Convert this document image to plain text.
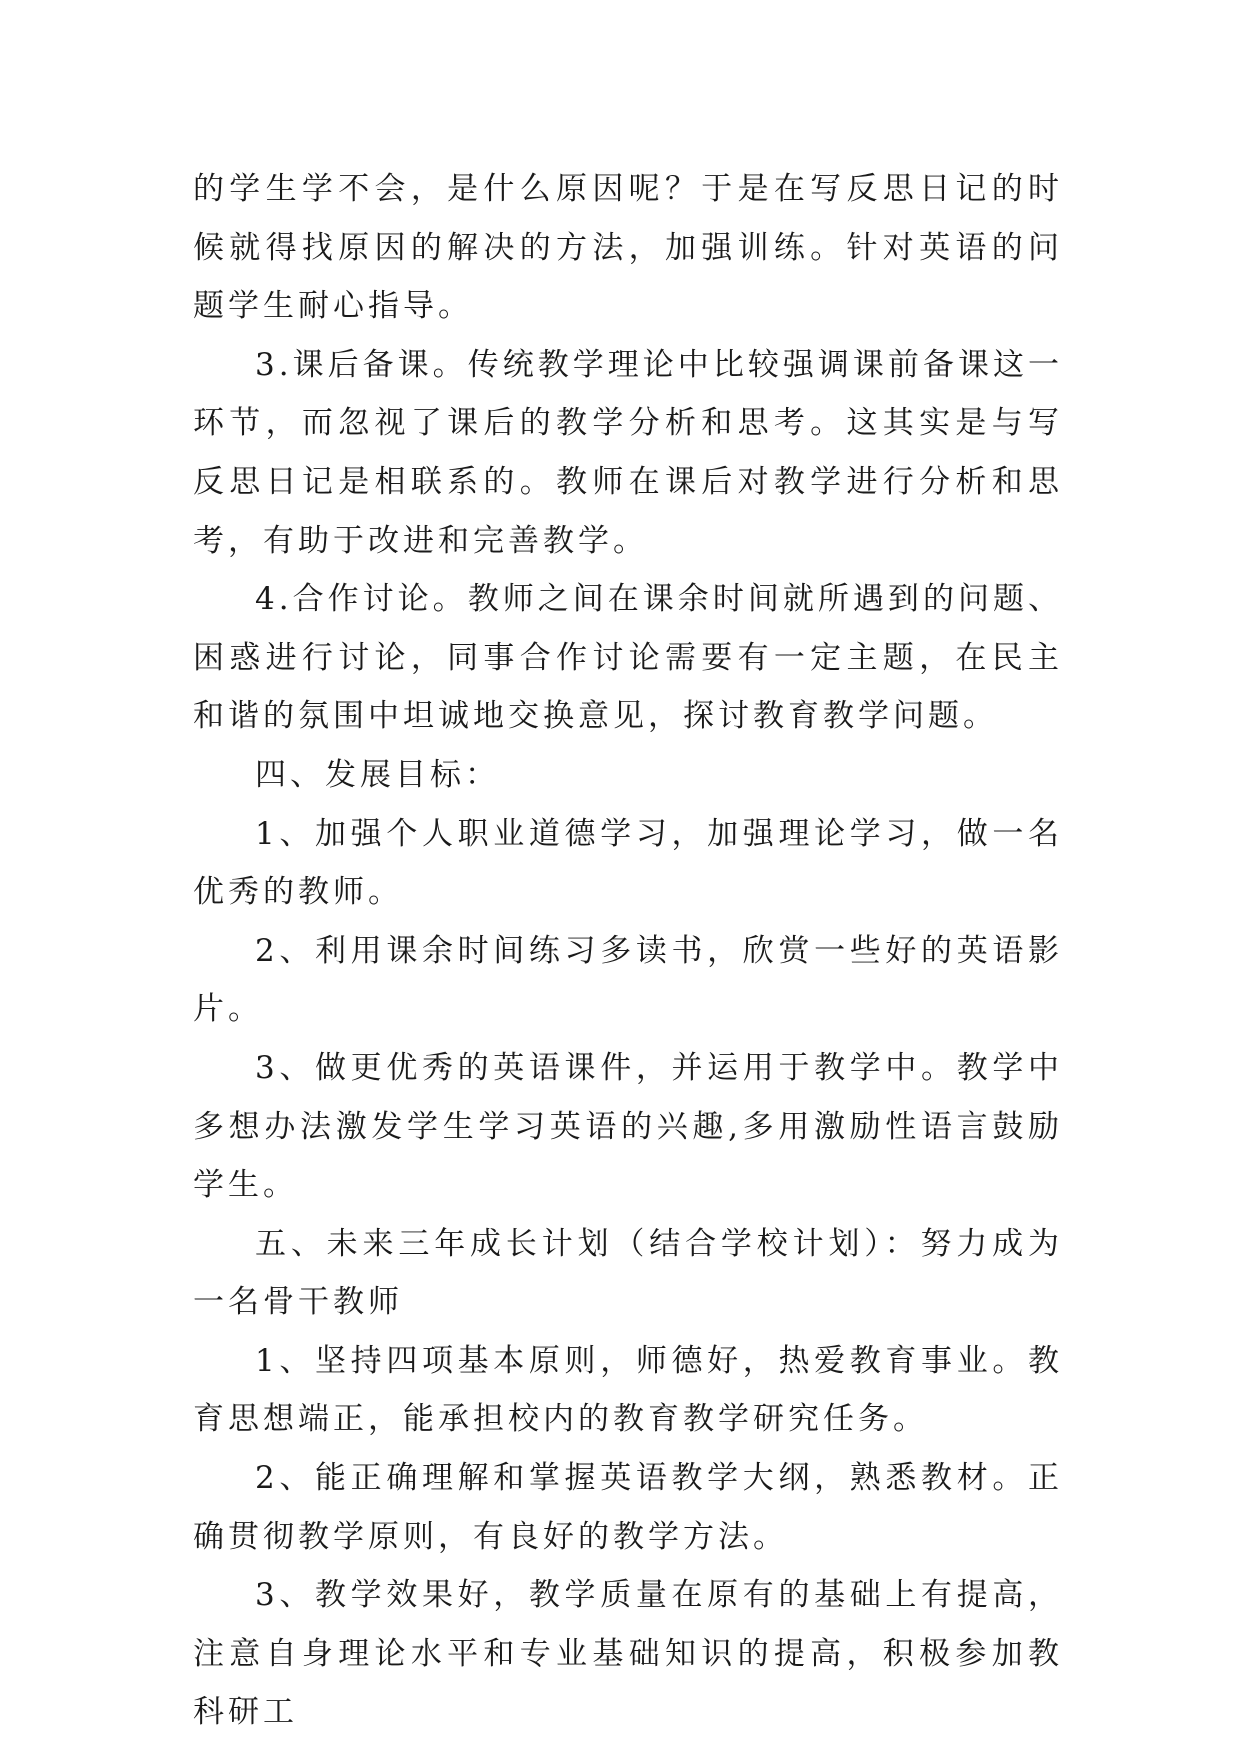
的学生学不会，是什么原因呢？于是在写反思日记的时候就得找原因的解决的方法，加强训练。针对英语的问题学生耐心指导。

3.课后备课。传统教学理论中比较强调课前备课这一环节，而忽视了课后的教学分析和思考。这其实是与写反思日记是相联系的。教师在课后对教学进行分析和思考，有助于改进和完善教学。

4.合作讨论。教师之间在课余时间就所遇到的问题、困惑进行讨论，同事合作讨论需要有一定主题，在民主和谐的氛围中坦诚地交换意见，探讨教育教学问题。

四、发展目标：

1、加强个人职业道德学习，加强理论学习，做一名优秀的教师。

2、利用课余时间练习多读书，欣赏一些好的英语影片。

3、做更优秀的英语课件，并运用于教学中。教学中多想办法激发学生学习英语的兴趣,多用激励性语言鼓励学生。

五、未来三年成长计划（结合学校计划）：努力成为一名骨干教师

1、坚持四项基本原则，师德好，热爱教育事业。教育思想端正，能承担校内的教育教学研究任务。

2、能正确理解和掌握英语教学大纲，熟悉教材。正确贯彻教学原则，有良好的教学方法。

3、教学效果好，教学质量在原有的基础上有提高，注意自身理论水平和专业基础知识的提高，积极参加教科研工
